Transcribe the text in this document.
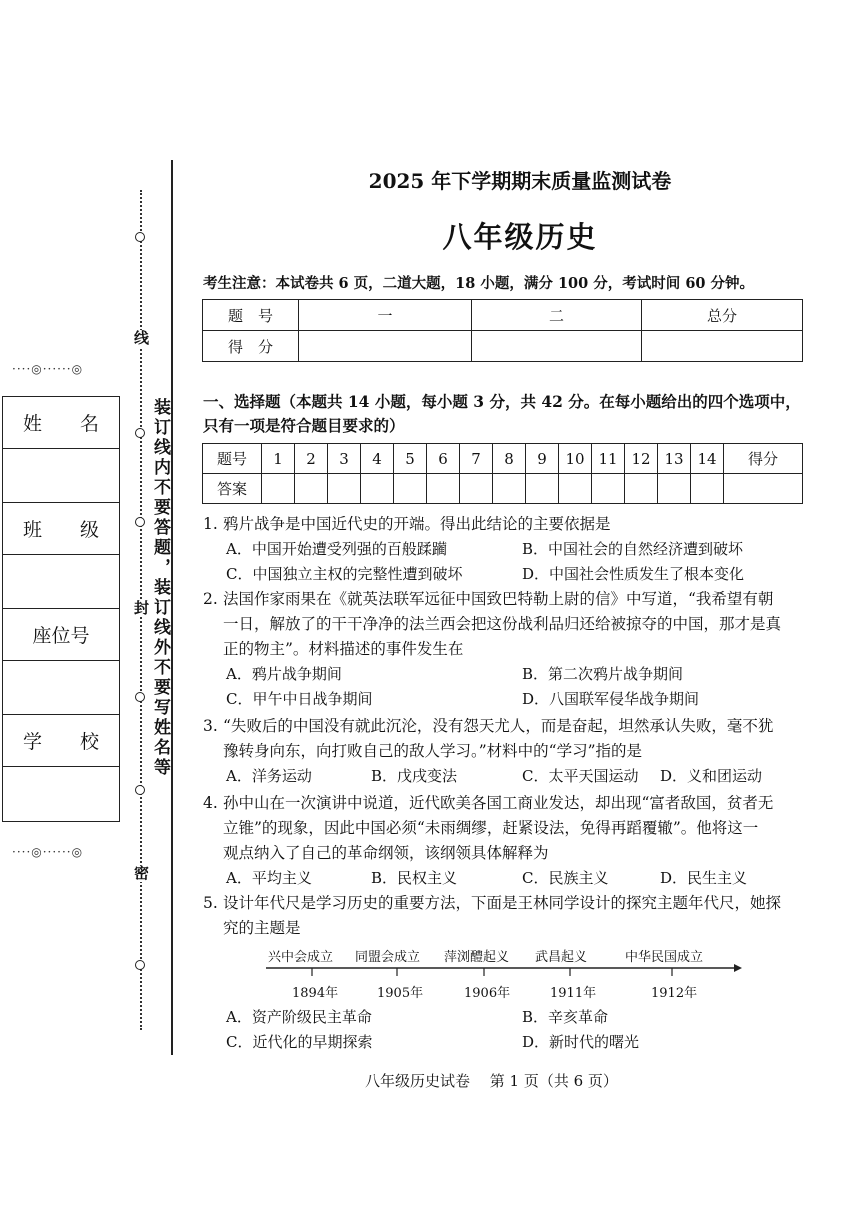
线
封
密
装订线内不要答题，装订线外不要写姓名等
····◎······◎
姓　　名
班　　级
座位号
学　　校
····◎······◎
2025 年下学期期末质量监测试卷
八年级历史
考生注意：本试卷共 6 页，二道大题，18 小题，满分 100 分，考试时间 60 分钟。
题　号	一	二	总分
得　分			
一、选择题（本题共 14 小题，每小题 3 分，共 42 分。在每小题给出的四个选项中，只有一项是符合题目要求的）
题号	1	2	3	4	5	6	7	8	9	10	11	12	13	14	得分
答案															
1. 鸦片战争是中国近代史的开端。得出此结论的主要依据是
A．中国开始遭受列强的百般蹂躏	B．中国社会的自然经济遭到破坏
C．中国独立主权的完整性遭到破坏	D．中国社会性质发生了根本变化
2. 法国作家雨果在《就英法联军远征中国致巴特勒上尉的信》中写道，“我希望有朝
一日，解放了的干干净净的法兰西会把这份战利品归还给被掠夺的中国，那才是真
正的物主”。材料描述的事件发生在
A．鸦片战争期间	B．第二次鸦片战争期间
C．甲午中日战争期间	D．八国联军侵华战争期间
3. “失败后的中国没有就此沉沦，没有怨天尤人，而是奋起，坦然承认失败，毫不犹
豫转身向东，向打败自己的敌人学习。”材料中的“学习”指的是
A．洋务运动	B．戊戌变法	C．太平天国运动 D．义和团运动
4. 孙中山在一次演讲中说道，近代欧美各国工商业发达，却出现“富者敌国，贫者无
立锥”的现象，因此中国必须“未雨绸缪，赶紧设法，免得再蹈覆辙”。他将这一
观点纳入了自己的革命纲领，该纲领具体解释为
A．平均主义	B．民权主义	C．民族主义	D．民生主义
5. 设计年代尺是学习历史的重要方法，下面是王林同学设计的探究主题年代尺，她探
究的主题是
兴中会成立 同盟会成立 萍浏醴起义 武昌起义	中华民国成立
1894年	1905年	1906年	1911年	1912年
A．资产阶级民主革命	B．辛亥革命
C．近代化的早期探索	D．新时代的曙光
八年级历史试卷　 第 1 页（共 6 页）
